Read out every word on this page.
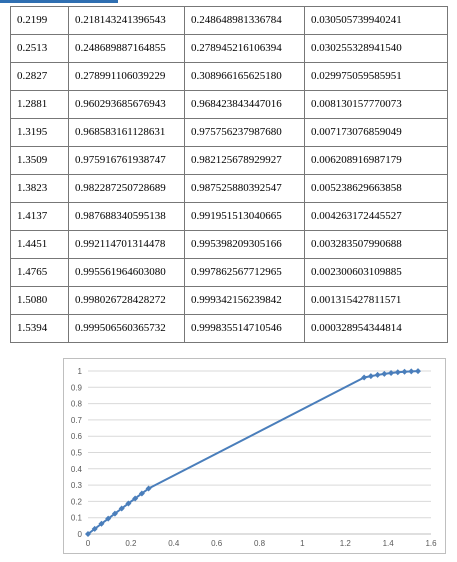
0.2199	0.218143241396543	0.248648981336784	0.030505739940241
0.2513	0.248689887164855	0.278945216106394	0.030255328941540
0.2827	0.278991106039229	0.308966165625180	0.029975059585951
1.2881	0.960293685676943	0.968423843447016	0.008130157770073
1.3195	0.968583161128631	0.975756237987680	0.007173076859049
1.3509	0.975916761938747	0.982125678929927	0.006208916987179
1.3823	0.982287250728689	0.987525880392547	0.005238629663858
1.4137	0.987688340595138	0.991951513040665	0.004263172445527
1.4451	0.992114701314478	0.995398209305166	0.003283507990688
1.4765	0.995561964603080	0.997862567712965	0.002300603109885
1.5080	0.998026728428272	0.999342156239842	0.001315427811571
1.5394	0.999506560365732	0.999835514710546	0.000328954344814
0
0.1
0.2
0.3
0.4
0.5
0.6
0.7
0.8
0.9
1
0	0.2	0.4	0.6	0.8	1	1.2	1.4	1.6
